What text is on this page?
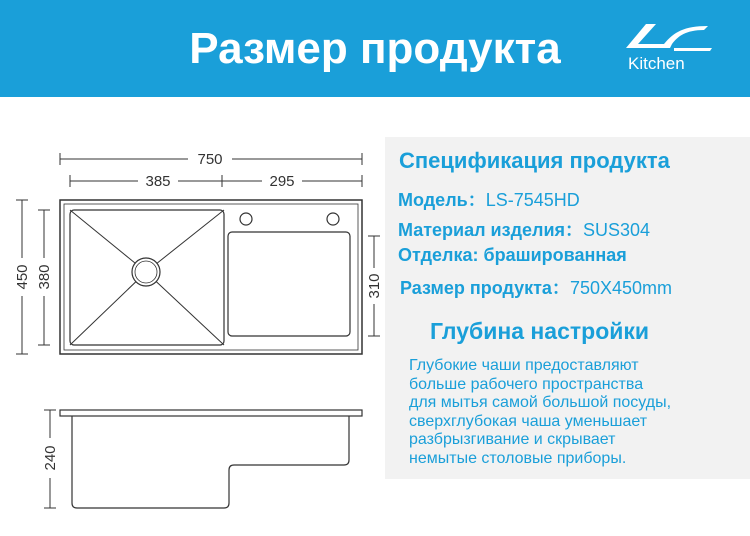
Размер продукта	Kitchen
750
385	295
450 380	310
240
Спецификация продукта
Модель：LS-7545HD
Материал изделия：SUS304
Отделка: брашированная
Размер продукта：750X450mm
Глубина настройки
Глубокие чаши предоставляют
больше рабочего пространства
для мытья самой большой посуды,
сверхглубокая чаша уменьшает
разбрызгивание и скрывает
немытые столовые приборы.
